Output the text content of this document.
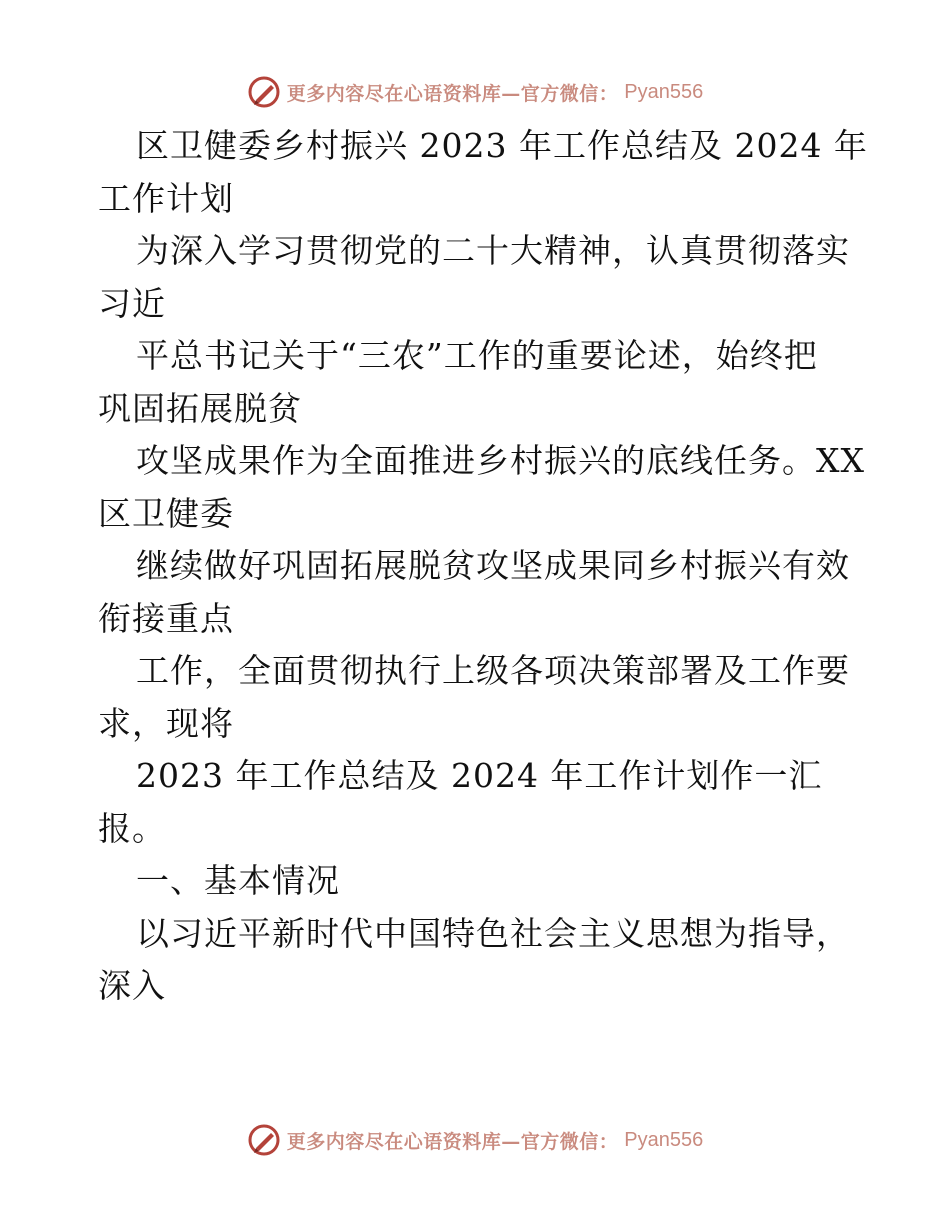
更多内容尽在心语资料库—官方微信： Pyan556
区卫健委乡村振兴 2023 年工作总结及 2024 年
工作计划
为深入学习贯彻党的二十大精神，认真贯彻落实
习近
平总书记关于“三农”工作的重要论述，始终把
巩固拓展脱贫
攻坚成果作为全面推进乡村振兴的底线任务。XX
区卫健委
继续做好巩固拓展脱贫攻坚成果同乡村振兴有效
衔接重点
工作，全面贯彻执行上级各项决策部署及工作要
求，现将
2023 年工作总结及 2024 年工作计划作一汇
报。
一、基本情况
以习近平新时代中国特色社会主义思想为指导，
深入
更多内容尽在心语资料库—官方微信： Pyan556
